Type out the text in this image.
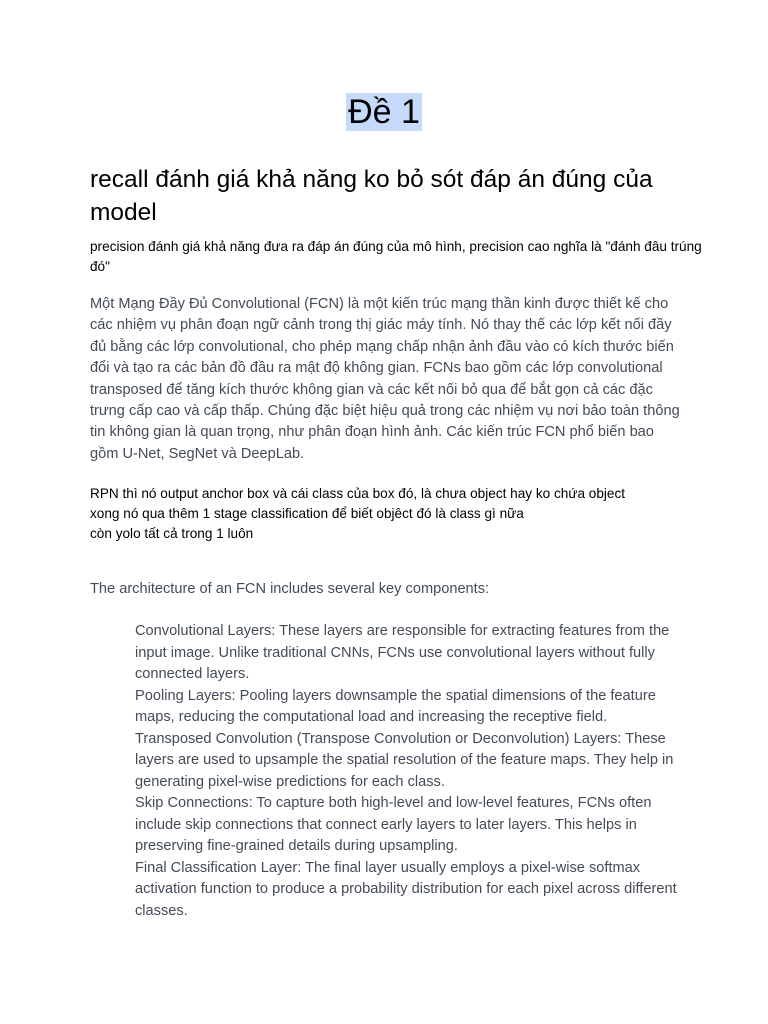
Đề 1
recall đánh giá khả năng ko bỏ sót đáp án đúng của model
precision đánh giá khả năng đưa ra đáp án đúng của mô hình, precision cao nghĩa là "đánh đâu trúng đó"
Một Mạng Đầy Đủ Convolutional (FCN) là một kiến trúc mạng thần kinh được thiết kế cho các nhiệm vụ phân đoạn ngữ cảnh trong thị giác máy tính. Nó thay thế các lớp kết nối đầy đủ bằng các lớp convolutional, cho phép mạng chấp nhận ảnh đầu vào có kích thước biến đổi và tạo ra các bản đồ đầu ra mật độ không gian. FCNs bao gồm các lớp convolutional transposed để tăng kích thước không gian và các kết nối bỏ qua để bắt gọn cả các đặc trưng cấp cao và cấp thấp. Chúng đặc biệt hiệu quả trong các nhiệm vụ nơi bảo toàn thông tin không gian là quan trọng, như phân đoạn hình ảnh. Các kiến trúc FCN phổ biến bao gồm U-Net, SegNet và DeepLab.
RPN thì nó output anchor box và cái class của box đó, là chưa object hay ko chứa object
xong nó qua thêm 1 stage classification để biết objêct đó là class gì nữa
còn yolo tất cả trong 1 luôn
The architecture of an FCN includes several key components:
Convolutional Layers: These layers are responsible for extracting features from the input image. Unlike traditional CNNs, FCNs use convolutional layers without fully connected layers.
Pooling Layers: Pooling layers downsample the spatial dimensions of the feature maps, reducing the computational load and increasing the receptive field.
Transposed Convolution (Transpose Convolution or Deconvolution) Layers: These layers are used to upsample the spatial resolution of the feature maps. They help in generating pixel-wise predictions for each class.
Skip Connections: To capture both high-level and low-level features, FCNs often include skip connections that connect early layers to later layers. This helps in preserving fine-grained details during upsampling.
Final Classification Layer: The final layer usually employs a pixel-wise softmax activation function to produce a probability distribution for each pixel across different classes.
